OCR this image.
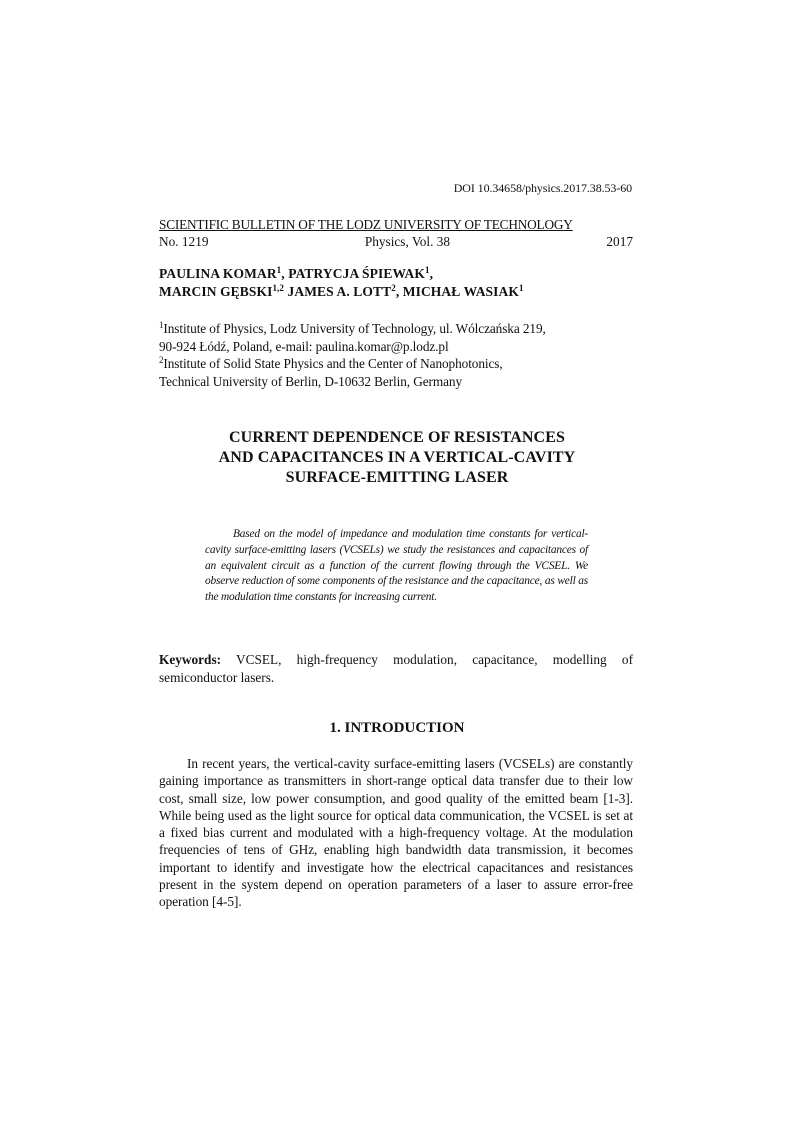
DOI 10.34658/physics.2017.38.53-60
SCIENTIFIC BULLETIN OF THE LODZ UNIVERSITY OF TECHNOLOGY
No. 1219	Physics, Vol. 38	2017
PAULINA KOMAR$^1$, PATRYCJA ŚPIEWAK$^1$,
MARCIN GĘBSKI$^{1,2}$ JAMES A. LOTT$^2$, MICHAŁ WASIAK$^1$
$^1$Institute of Physics, Lodz University of Technology, ul. Wólczańska 219,
90-924 Łódź, Poland, e-mail: paulina.komar@p.lodz.pl
$^2$Institute of Solid State Physics and the Center of Nanophotonics,
Technical University of Berlin, D-10632 Berlin, Germany
CURRENT DEPENDENCE OF RESISTANCES
AND CAPACITANCES IN A VERTICAL-CAVITY
SURFACE-EMITTING LASER
Based on the model of impedance and modulation time constants for vertical-cavity surface-emitting lasers (VCSELs) we study the resistances and capacitances of an equivalent circuit as a function of the current flowing through the VCSEL. We observe reduction of some components of the resistance and the capacitance, as well as the modulation time constants for increasing current.
Keywords: VCSEL, high-frequency modulation, capacitance, modelling of semiconductor lasers.
1. INTRODUCTION
In recent years, the vertical-cavity surface-emitting lasers (VCSELs) are constantly gaining importance as transmitters in short-range optical data transfer due to their low cost, small size, low power consumption, and good quality of the emitted beam [1-3]. While being used as the light source for optical data communication, the VCSEL is set at a fixed bias current and modulated with a high-frequency voltage. At the modulation frequencies of tens of GHz, enabling high bandwidth data transmission, it becomes important to identify and investigate how the electrical capacitances and resistances present in the system depend on operation parameters of a laser to assure error-free operation [4-5].
